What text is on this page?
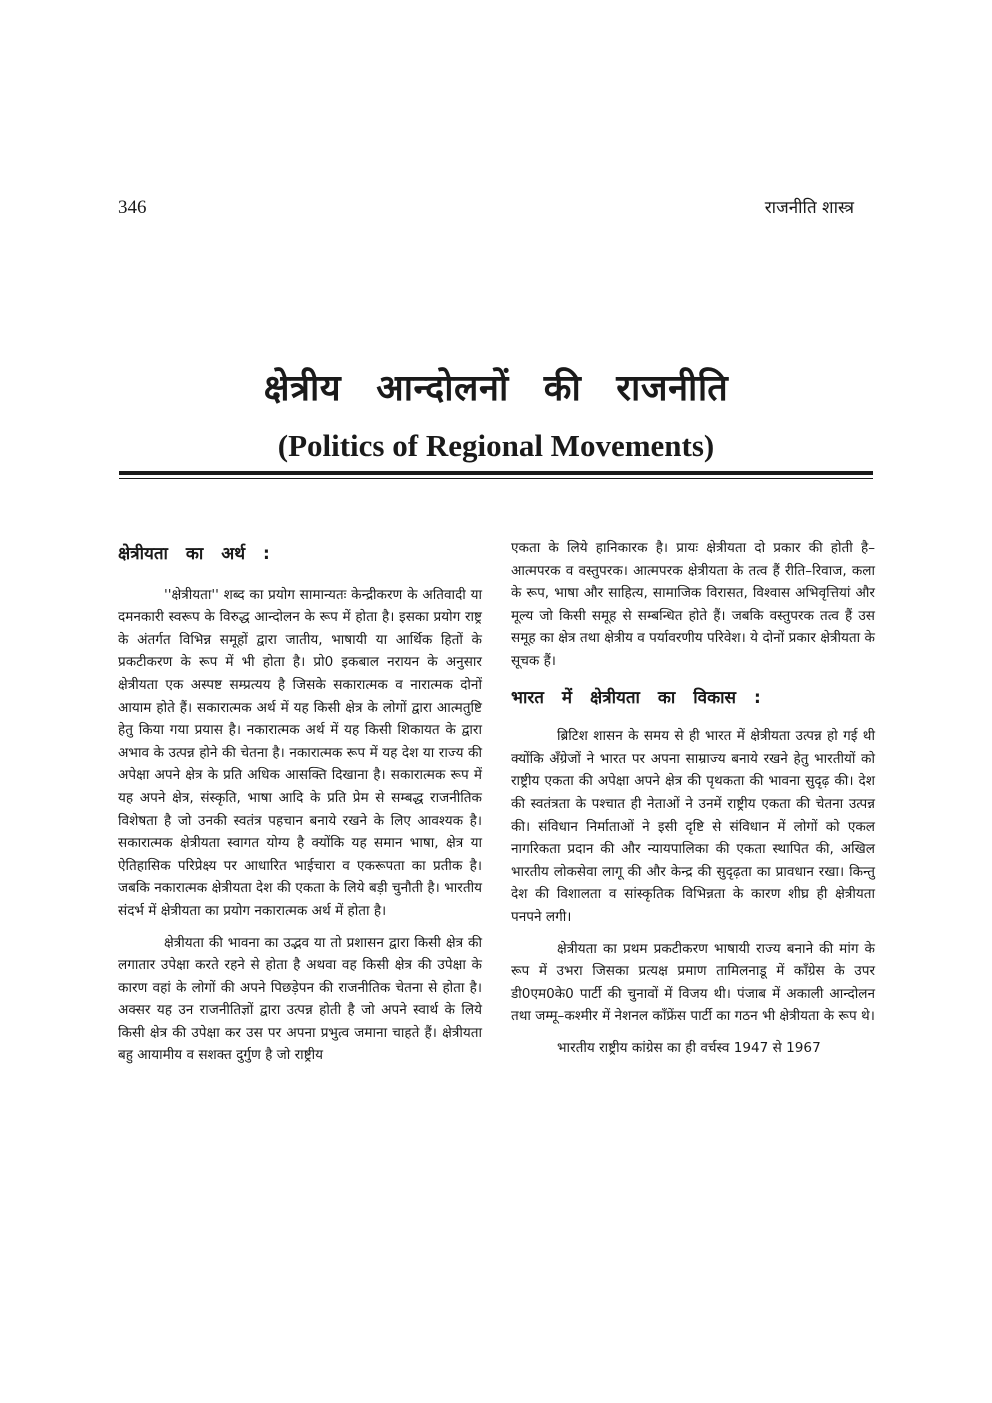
346	राजनीति शास्त्र
क्षेत्रीय आन्दोलनों की राजनीति
(Politics of Regional Movements)
क्षेत्रीयता का अर्थ :

''क्षेत्रीयता'' शब्द का प्रयोग सामान्यतः केन्द्रीकरण के अतिवादी या दमनकारी स्वरूप के विरुद्ध आन्दोलन के रूप में होता है। इसका प्रयोग राष्ट्र के अंतर्गत विभिन्न समूहों द्वारा जातीय, भाषायी या आर्थिक हितों के प्रकटीकरण के रूप में भी होता है। प्रो0 इकबाल नरायन के अनुसार क्षेत्रीयता एक अस्पष्ट सम्प्रत्यय है जिसके सकारात्मक व नारात्मक दोनों आयाम होते हैं। सकारात्मक अर्थ में यह किसी क्षेत्र के लोगों द्वारा आत्मतुष्टि हेतु किया गया प्रयास है। नकारात्मक अर्थ में यह किसी शिकायत के द्वारा अभाव के उत्पन्न होने की चेतना है। नकारात्मक रूप में यह देश या राज्य की अपेक्षा अपने क्षेत्र के प्रति अधिक आसक्ति दिखाना है। सकारात्मक रूप में यह अपने क्षेत्र, संस्कृति, भाषा आदि के प्रति प्रेम से सम्बद्ध राजनीतिक विशेषता है जो उनकी स्वतंत्र पहचान बनाये रखने के लिए आवश्यक है। सकारात्मक क्षेत्रीयता स्वागत योग्य है क्योंकि यह समान भाषा, क्षेत्र या ऐतिहासिक परिप्रेक्ष्य पर आधारित भाईचारा व एकरूपता का प्रतीक है। जबकि नकारात्मक क्षेत्रीयता देश की एकता के लिये बड़ी चुनौती है। भारतीय संदर्भ में क्षेत्रीयता का प्रयोग नकारात्मक अर्थ में होता है।

क्षेत्रीयता की भावना का उद्भव या तो प्रशासन द्वारा किसी क्षेत्र की लगातार उपेक्षा करते रहने से होता है अथवा वह किसी क्षेत्र की उपेक्षा के कारण वहां के लोगों की अपने पिछड़ेपन की राजनीतिक चेतना से होता है। अक्सर यह उन राजनीतिज्ञों द्वारा उत्पन्न होती है जो अपने स्वार्थ के लिये किसी क्षेत्र की उपेक्षा कर उस पर अपना प्रभुत्व जमाना चाहते हैं। क्षेत्रीयता बहु आयामीय व सशक्त दुर्गुण है जो राष्ट्रीय

एकता के लिये हानिकारक है। प्रायः क्षेत्रीयता दो प्रकार की होती है–आत्मपरक व वस्तुपरक। आत्मपरक क्षेत्रीयता के तत्व हैं रीति–रिवाज, कला के रूप, भाषा और साहित्य, सामाजिक विरासत, विश्वास अभिवृत्तियां और मूल्य जो किसी समूह से सम्बन्धित होते हैं। जबकि वस्तुपरक तत्व हैं उस समूह का क्षेत्र तथा क्षेत्रीय व पर्यावरणीय परिवेश। ये दोनों प्रकार क्षेत्रीयता के सूचक हैं।

भारत में क्षेत्रीयता का विकास :

ब्रिटिश शासन के समय से ही भारत में क्षेत्रीयता उत्पन्न हो गई थी क्योंकि अँग्रेजों ने भारत पर अपना साम्राज्य बनाये रखने हेतु भारतीयों को राष्ट्रीय एकता की अपेक्षा अपने क्षेत्र की पृथकता की भावना सुदृढ़ की। देश की स्वतंत्रता के पश्चात ही नेताओं ने उनमें राष्ट्रीय एकता की चेतना उत्पन्न की। संविधान निर्माताओं ने इसी दृष्टि से संविधान में लोगों को एकल नागरिकता प्रदान की और न्यायपालिका की एकता स्थापित की, अखिल भारतीय लोकसेवा लागू की और केन्द्र की सुदृढ़ता का प्रावधान रखा। किन्तु देश की विशालता व सांस्कृतिक विभिन्नता के कारण शीघ्र ही क्षेत्रीयता पनपने लगी।

क्षेत्रीयता का प्रथम प्रकटीकरण भाषायी राज्य बनाने की मांग के रूप में उभरा जिसका प्रत्यक्ष प्रमाण तामिलनाडू में कॉंग्रेस के उपर डी0एम0के0 पार्टी की चुनावों में विजय थी। पंजाब में अकाली आन्दोलन तथा जम्मू–कश्मीर में नेशनल कॉंफ्रेंस पार्टी का गठन भी क्षेत्रीयता के रूप थे।

भारतीय राष्ट्रीय कांग्रेस का ही वर्चस्व 1947 से 1967
